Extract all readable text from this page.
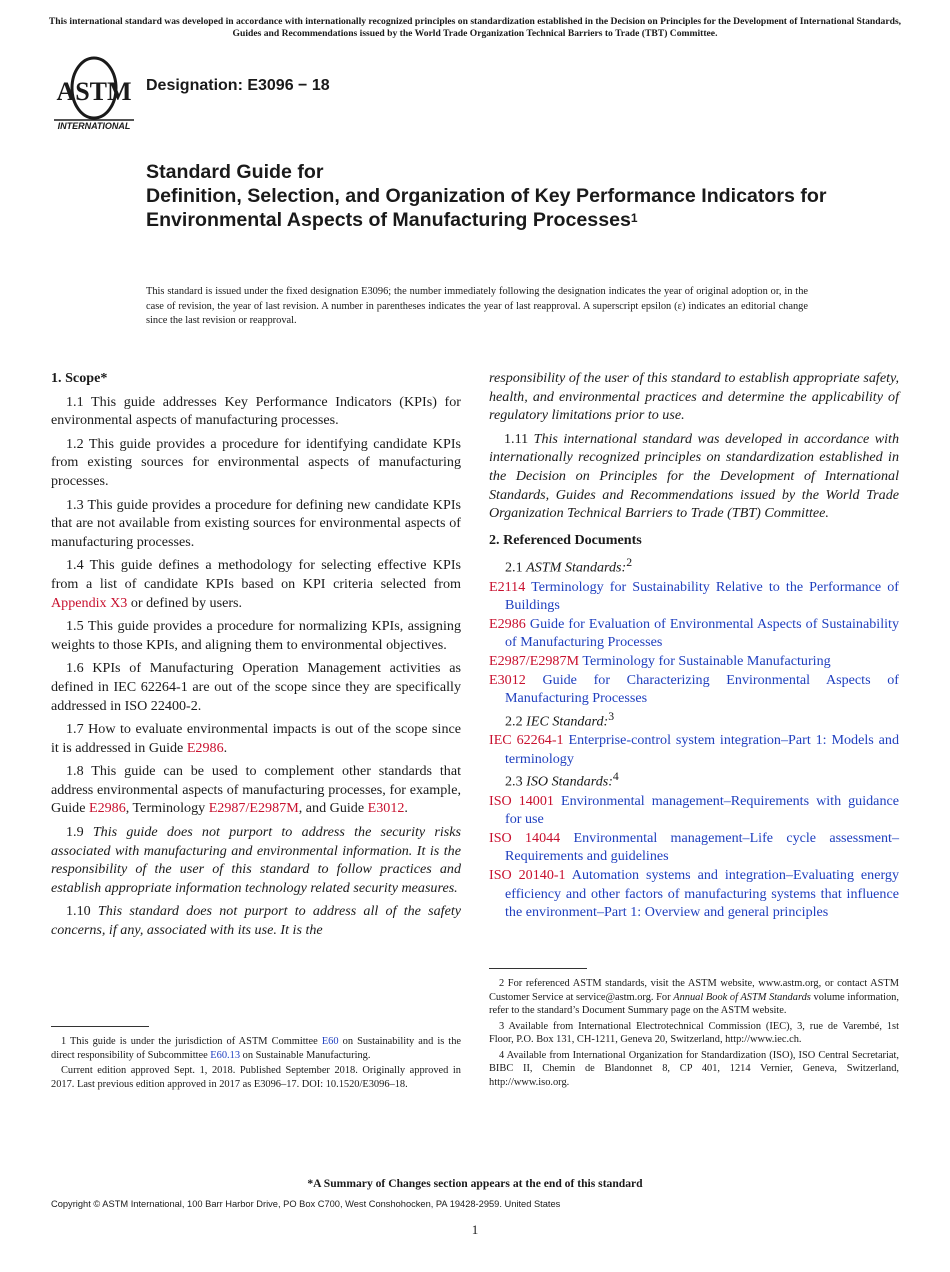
This international standard was developed in accordance with internationally recognized principles on standardization established in the Decision on Principles for the Development of International Standards, Guides and Recommendations issued by the World Trade Organization Technical Barriers to Trade (TBT) Committee.
ASTM
INTERNATIONAL
Designation: E3096 − 18
Standard Guide for
Definition, Selection, and Organization of Key Performance Indicators for Environmental Aspects of Manufacturing Processes$^1$
This standard is issued under the fixed designation E3096; the number immediately following the designation indicates the year of original adoption or, in the case of revision, the year of last revision. A number in parentheses indicates the year of last reapproval. A superscript epsilon (ε) indicates an editorial change since the last revision or reapproval.
1. Scope*

1.1 This guide addresses Key Performance Indicators (KPIs) for environmental aspects of manufacturing processes.

1.2 This guide provides a procedure for identifying candidate KPIs from existing sources for environmental aspects of manufacturing processes.

1.3 This guide provides a procedure for defining new candidate KPIs that are not available from existing sources for environmental aspects of manufacturing processes.

1.4 This guide defines a methodology for selecting effective KPIs from a list of candidate KPIs based on KPI criteria selected from Appendix X3 or defined by users.

1.5 This guide provides a procedure for normalizing KPIs, assigning weights to those KPIs, and aligning them to environmental objectives.

1.6 KPIs of Manufacturing Operation Management activities as defined in IEC 62264-1 are out of the scope since they are specifically addressed in ISO 22400-2.

1.7 How to evaluate environmental impacts is out of the scope since it is addressed in Guide E2986.

1.8 This guide can be used to complement other standards that address environmental aspects of manufacturing processes, for example, Guide E2986, Terminology E2987/E2987M, and Guide E3012.

1.9 This guide does not purport to address the security risks associated with manufacturing and environmental information. It is the responsibility of the user of this standard to follow practices and establish appropriate information technology related security measures.

1.10 This standard does not purport to address all of the safety concerns, if any, associated with its use. It is the

1 This guide is under the jurisdiction of ASTM Committee E60 on Sustainability and is the direct responsibility of Subcommittee E60.13 on Sustainable Manufacturing.

Current edition approved Sept. 1, 2018. Published September 2018. Originally approved in 2017. Last previous edition approved in 2017 as E3096–17. DOI: 10.1520/E3096–18.

responsibility of the user of this standard to establish appropriate safety, health, and environmental practices and determine the applicability of regulatory limitations prior to use.

1.11 This international standard was developed in accordance with internationally recognized principles on standardization established in the Decision on Principles for the Development of International Standards, Guides and Recommendations issued by the World Trade Organization Technical Barriers to Trade (TBT) Committee.

2. Referenced Documents

2.1 ASTM Standards:$^2$

E2114 Terminology for Sustainability Relative to the Performance of Buildings

E2986 Guide for Evaluation of Environmental Aspects of Sustainability of Manufacturing Processes

E2987/E2987M Terminology for Sustainable Manufacturing

E3012 Guide for Characterizing Environmental Aspects of Manufacturing Processes

2.2 IEC Standard:$^3$

IEC 62264-1 Enterprise-control system integration–Part 1: Models and terminology

2.3 ISO Standards:$^4$

ISO 14001 Environmental management–Requirements with guidance for use

ISO 14044 Environmental management–Life cycle assessment–Requirements and guidelines

ISO 20140-1 Automation systems and integration–Evaluating energy efficiency and other factors of manufacturing systems that influence the environment–Part 1: Overview and general principles

2 For referenced ASTM standards, visit the ASTM website, www.astm.org, or contact ASTM Customer Service at service@astm.org. For Annual Book of ASTM Standards volume information, refer to the standard’s Document Summary page on the ASTM website.

3 Available from International Electrotechnical Commission (IEC), 3, rue de Varembé, 1st Floor, P.O. Box 131, CH-1211, Geneva 20, Switzerland, http://www.iec.ch.

4 Available from International Organization for Standardization (ISO), ISO Central Secretariat, BIBC II, Chemin de Blandonnet 8, CP 401, 1214 Vernier, Geneva, Switzerland, http://www.iso.org.

*A Summary of Changes section appears at the end of this standard
Copyright © ASTM International, 100 Barr Harbor Drive, PO Box C700, West Conshohocken, PA 19428-2959. United States
1
